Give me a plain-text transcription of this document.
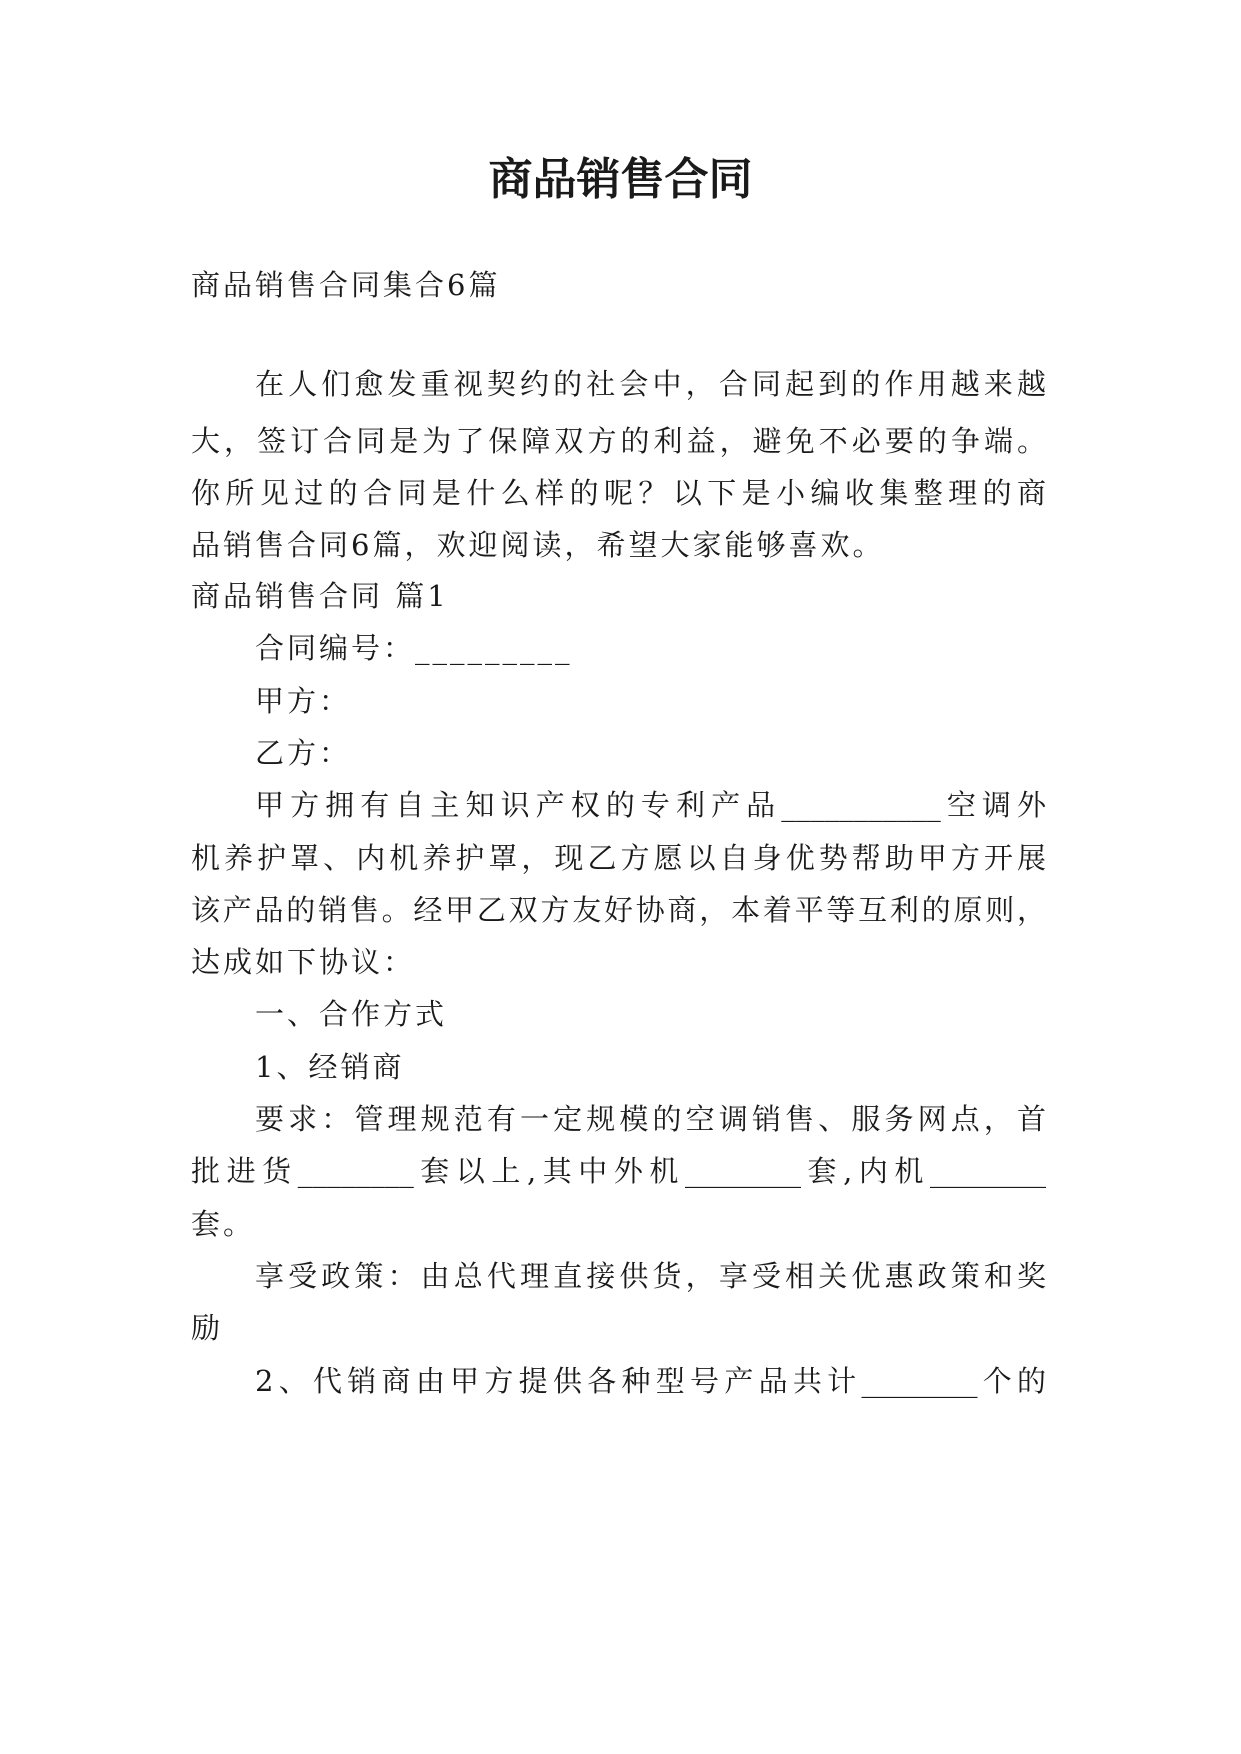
商品销售合同
商品销售合同集合6篇
在人们愈发重视契约的社会中，合同起到的作用越来越
大，签订合同是为了保障双方的利益，避免不必要的争端。
你所见过的合同是什么样的呢？以下是小编收集整理的商
品销售合同6篇，欢迎阅读，希望大家能够喜欢。
商品销售合同 篇1
合同编号：_________
甲方：
乙方：
甲方拥有自主知识产权的专利产品___________空调外
机养护罩、内机养护罩，现乙方愿以自身优势帮助甲方开展
该产品的销售。经甲乙双方友好协商，本着平等互利的原则，
达成如下协议：
一、合作方式
1、经销商
要求：管理规范有一定规模的空调销售、服务网点，首
批进货________套以上,其中外机________套,内机________
套。
享受政策：由总代理直接供货，享受相关优惠政策和奖
励
2、代销商由甲方提供各种型号产品共计________个的
